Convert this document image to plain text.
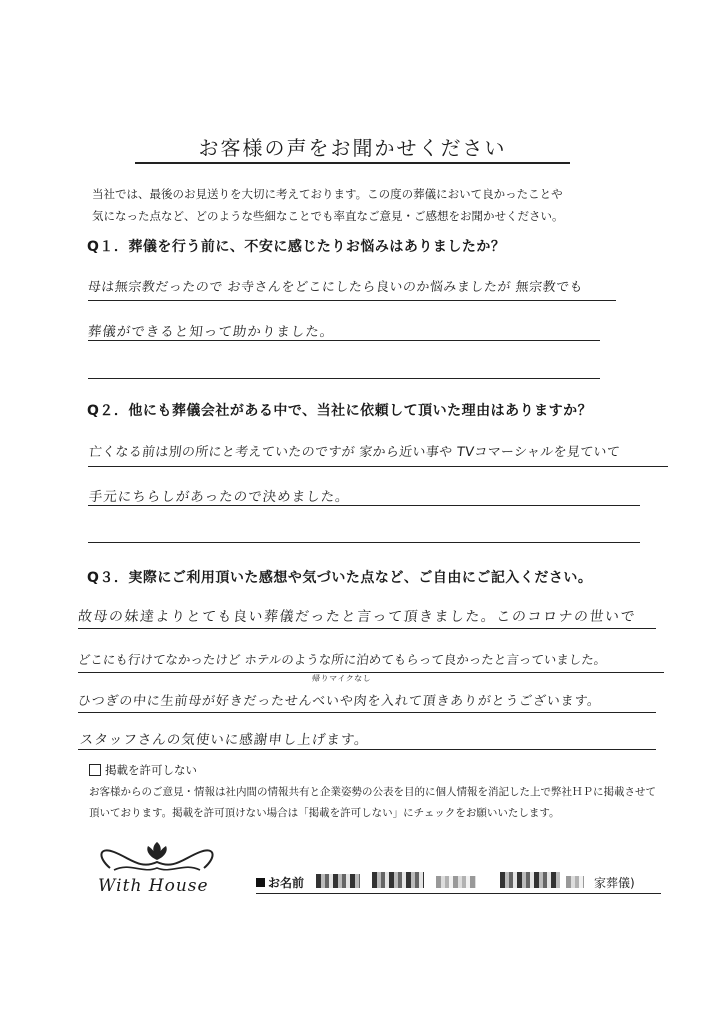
お客様の声をお聞かせください
当社では、最後のお見送りを大切に考えております。この度の葬儀において良かったことや
気になった点など、どのような些細なことでも率直なご意見・ご感想をお聞かせください。
Q１．葬儀を行う前に、不安に感じたりお悩みはありましたか？
母は無宗教だったので お寺さんをどこにしたら良いのか悩みましたが 無宗教でも
葬儀ができると知って助かりました。
Q２．他にも葬儀会社がある中で、当社に依頼して頂いた理由はありますか？
亡くなる前は別の所にと考えていたのですが 家から近い事や TVコマーシャルを見ていて
手元にちらしがあったので決めました。
Q３．実際にご利用頂いた感想や気づいた点など、ご自由にご記入ください。
故母の妹達よりとても良い葬儀だったと言って頂きました。このコロナの世いで
どこにも行けてなかったけど ホテルのような所に泊めてもらって良かったと言っていました。
帰りマイクなし
ひつぎの中に生前母が好きだったせんべいや肉を入れて頂きありがとうございます。
スタッフさんの気使いに感謝申し上げます。
掲載を許可しない
お客様からのご意見・情報は社内間の情報共有と企業姿勢の公表を目的に個人情報を消記した上で弊社ＨＰに掲載させて
頂いております。掲載を許可頂けない場合は「掲載を許可しない」にチェックをお願いいたします。
With House	お名前	家葬儀)
